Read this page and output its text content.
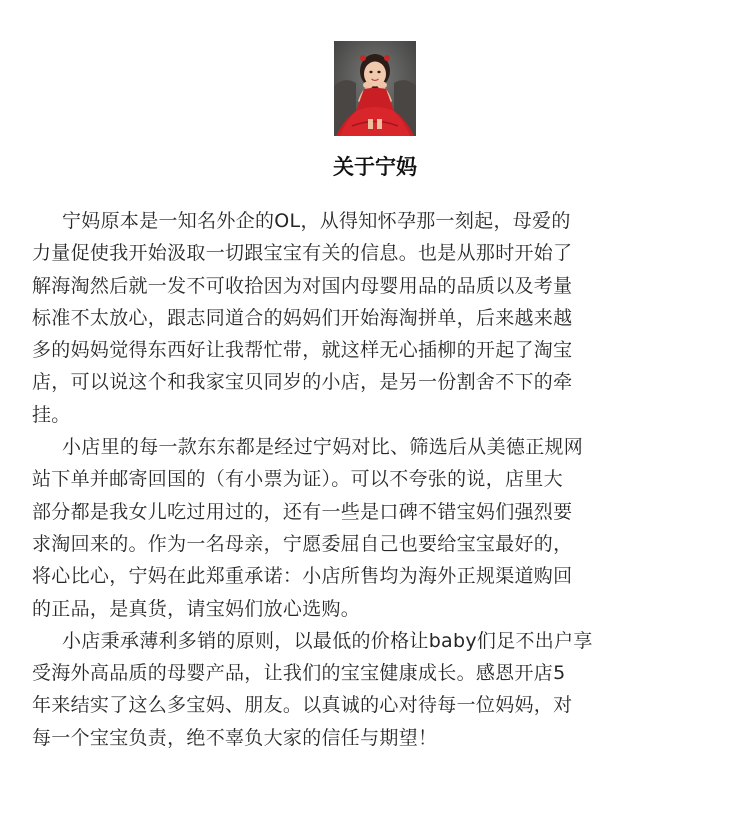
关于宁妈

宁妈原本是一知名外企的OL，从得知怀孕那一刻起，母爱的
力量促使我开始汲取一切跟宝宝有关的信息。也是从那时开始了
解海淘然后就一发不可收拾因为对国内母婴用品的品质以及考量
标准不太放心，跟志同道合的妈妈们开始海淘拼单，后来越来越
多的妈妈觉得东西好让我帮忙带，就这样无心插柳的开起了淘宝
店，可以说这个和我家宝贝同岁的小店，是另一份割舍不下的牵
挂。

小店里的每一款东东都是经过宁妈对比、筛选后从美德正规网
站下单并邮寄回国的（有小票为证）。可以不夸张的说，店里大
部分都是我女儿吃过用过的，还有一些是口碑不错宝妈们强烈要
求淘回来的。作为一名母亲，宁愿委屈自己也要给宝宝最好的，
将心比心，宁妈在此郑重承诺：小店所售均为海外正规渠道购回
的正品，是真货，请宝妈们放心选购。

小店秉承薄利多销的原则，以最低的价格让baby们足不出户享
受海外高品质的母婴产品，让我们的宝宝健康成长。感恩开店5
年来结实了这么多宝妈、朋友。以真诚的心对待每一位妈妈，对
每一个宝宝负责，绝不辜负大家的信任与期望！
